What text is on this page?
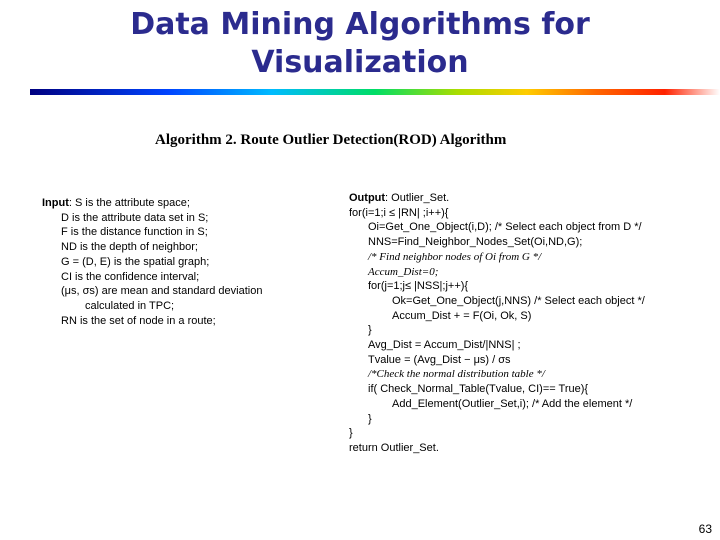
Data Mining Algorithms for
Visualization
Algorithm 2. Route Outlier Detection(ROD) Algorithm
Input: S is the attribute space;
D is the attribute data set in S;
F is the distance function in S;
ND is the depth of neighbor;
G = (D, E) is the spatial graph;
CI is the confidence interval;
(μs, σs) are mean and standard deviation
calculated in TPC;
RN is the set of node in a route;
Output: Outlier_Set.
for(i=1;i ≤ |RN| ;i++){
Oi=Get_One_Object(i,D); /* Select each object from D */
NNS=Find_Neighbor_Nodes_Set(Oi,ND,G);
/* Find neighbor nodes of Oi from G */
Accum_Dist=0;
for(j=1;j≤ |NSS|;j++){
Ok=Get_One_Object(j,NNS) /* Select each object */
Accum_Dist + = F(Oi, Ok, S)
}
Avg_Dist = Accum_Dist/|NNS| ;
Tvalue = (Avg_Dist − μs) / σs
/*Check the normal distribution table */
if( Check_Normal_Table(Tvalue, CI)== True){
Add_Element(Outlier_Set,i); /* Add the element */
}
}
return Outlier_Set.
63
